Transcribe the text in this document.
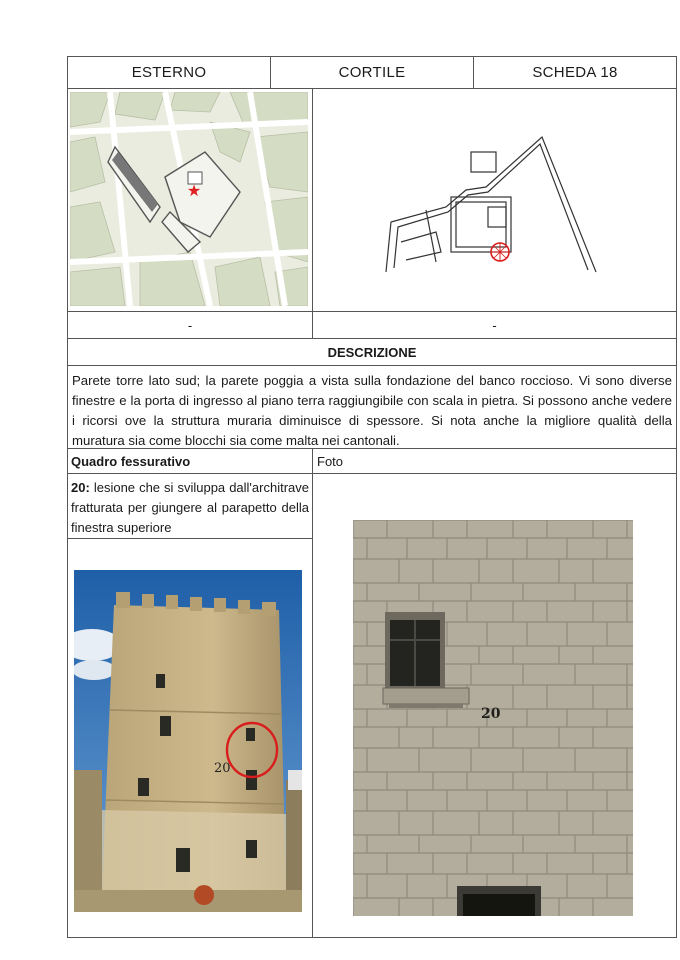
ESTERNO	CORTILE	SCHEDA 18
★
-	-
DESCRIZIONE
Parete torre lato sud; la parete poggia a vista sulla fondazione del banco roccioso. Vi sono diverse finestre e la porta di ingresso al piano terra raggiungibile con scala in pietra. Si possono anche vedere i ricorsi ove la struttura muraria diminuisce di spessore. Si nota anche la migliore qualità della muratura sia come blocchi sia come malta nei cantonali.
Quadro fessurativo	Foto
20: lesione che si sviluppa dall'architrave fratturata per giungere al parapetto della finestra superiore
20
20
